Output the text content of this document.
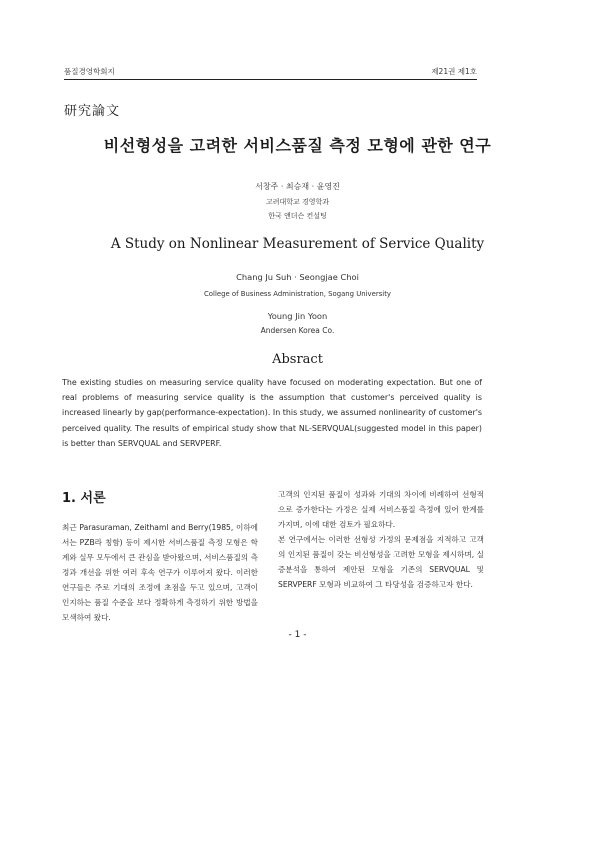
품질경영학회지	제21권 제1호
研究論文
비선형성을 고려한 서비스품질 측정 모형에 관한 연구
서창주 · 최승재 · 윤영진
고려대학교 경영학과
한국 앤더슨 컨설팅
A Study on Nonlinear Measurement of Service Quality
Chang Ju Suh · Seongjae Choi
College of Business Administration, Sogang University
Young Jin Yoon
Andersen Korea Co.
Absract
The existing studies on measuring service quality have focused on moderating expectation. But one of real problems of measuring service quality is the assumption that customer's perceived quality is increased linearly by gap(performance-expectation). In this study, we assumed nonlinearity of customer's perceived quality. The results of empirical study show that NL-SERVQUAL(suggested model in this paper) is better than SERVQUAL and SERVPERF.
1. 서론

최근 Parasuraman, Zeithaml and Berry(1985, 이하에서는 PZB라 칭함) 등이 제시한 서비스품질 측정 모형은 학계와 실무 모두에서 큰 관심을 받아왔으며, 서비스품질의 측정과 개선을 위한 여러 후속 연구가 이루어져 왔다. 이러한 연구들은 주로 기대의 조정에 초점을 두고 있으며, 고객이 인지하는 품질 수준을 보다 정확하게 측정하기 위한 방법을 모색하여 왔다.

고객의 인지된 품질이 성과와 기대의 차이에 비례하여 선형적으로 증가한다는 가정은 실제 서비스품질 측정에 있어 한계를 가지며, 이에 대한 검토가 필요하다.

본 연구에서는 이러한 선형성 가정의 문제점을 지적하고 고객의 인지된 품질이 갖는 비선형성을 고려한 모형을 제시하며, 실증분석을 통하여 제안된 모형을 기존의 SERVQUAL 및 SERVPERF 모형과 비교하여 그 타당성을 검증하고자 한다.

- 1 -
